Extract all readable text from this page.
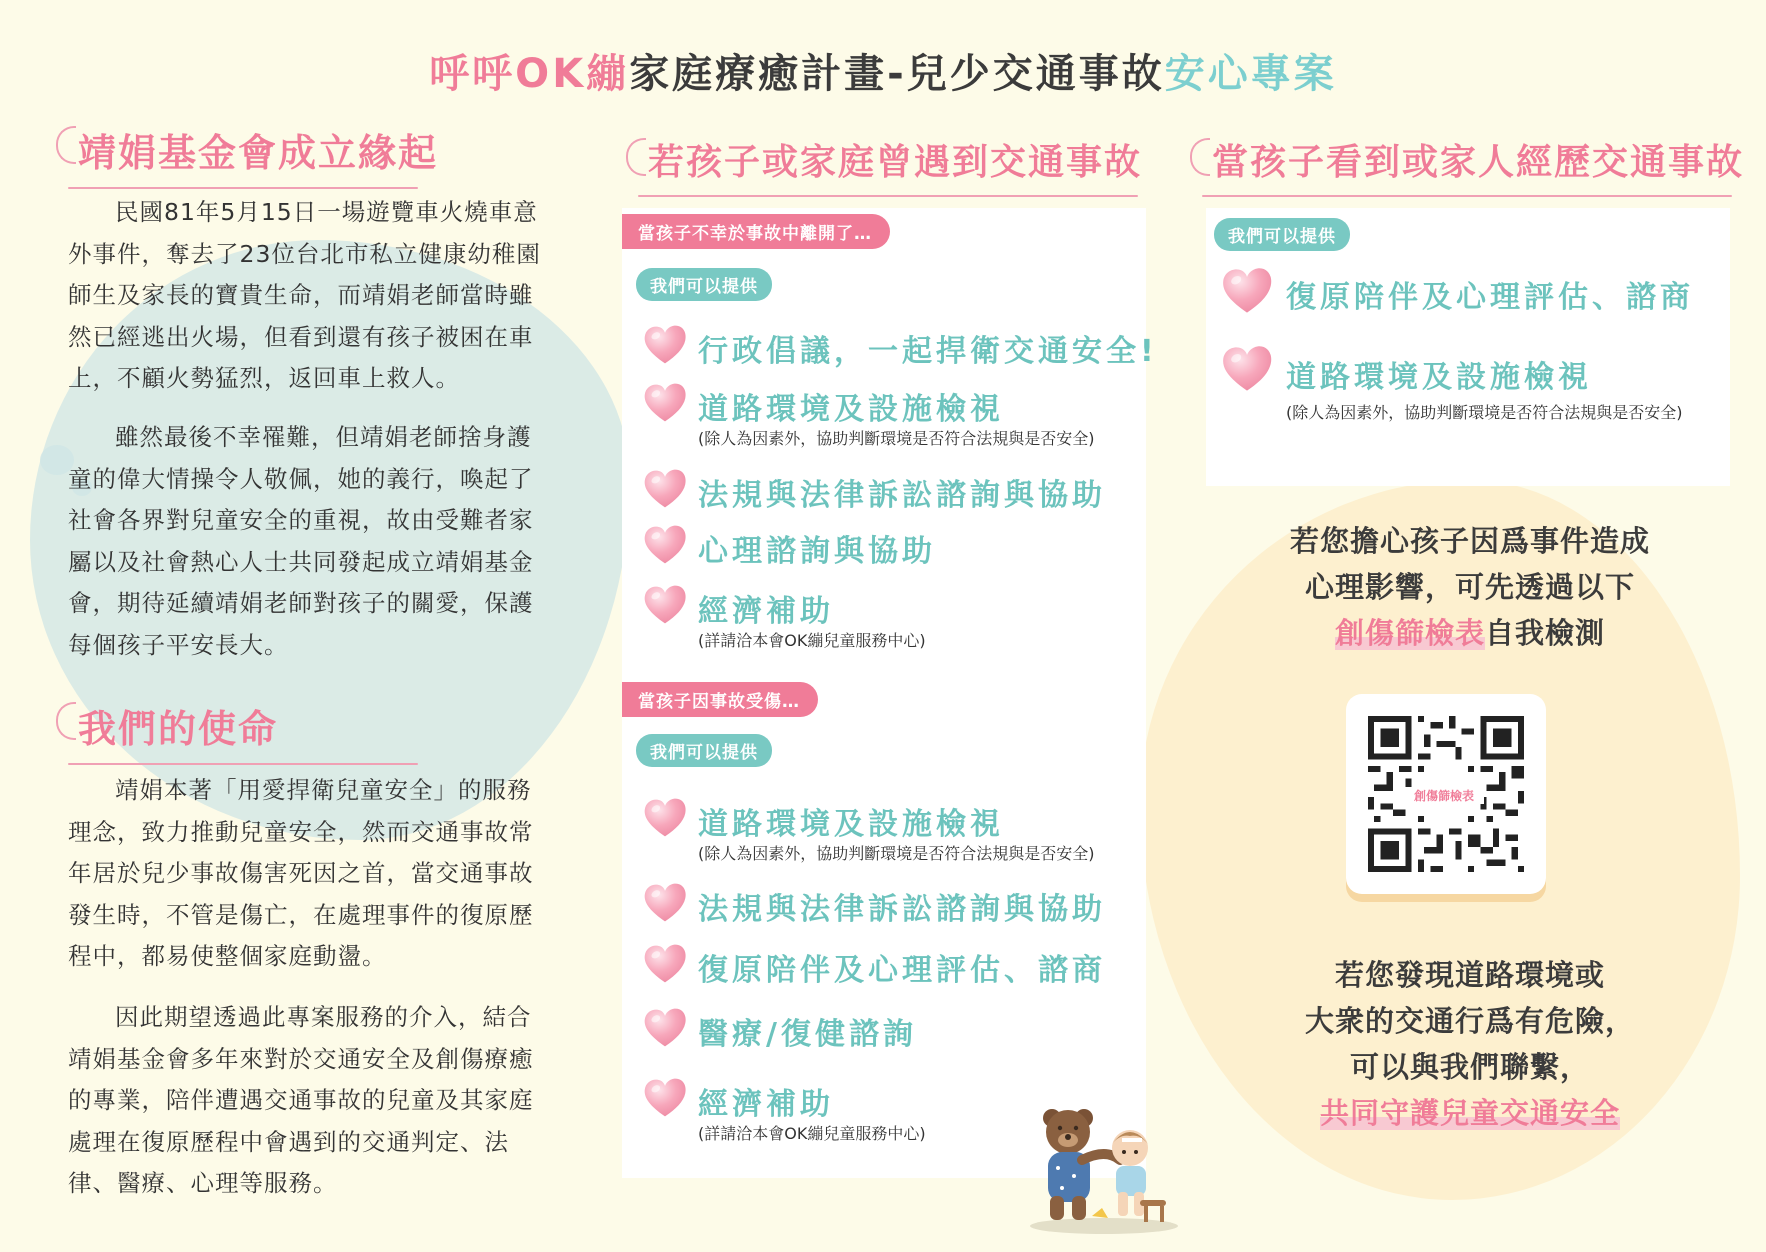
呼呼OK繃家庭療癒計畫-兒少交通事故安心專案
靖娟基金會成立緣起

民國81年5月15日一場遊覽車火燒車意外事件，奪去了23位台北市私立健康幼稚園師生及家長的寶貴生命，而靖娟老師當時雖然已經逃出火場，但看到還有孩子被困在車上，不顧火勢猛烈，返回車上救人。

雖然最後不幸罹難，但靖娟老師捨身護童的偉大情操令人敬佩，她的義行，喚起了社會各界對兒童安全的重視，故由受難者家屬以及社會熱心人士共同發起成立靖娟基金會，期待延續靖娟老師對孩子的關愛，保護每個孩子平安長大。

我們的使命

靖娟本著「用愛捍衛兒童安全」的服務理念，致力推動兒童安全，然而交通事故常年居於兒少事故傷害死因之首，當交通事故發生時，不管是傷亡，在處理事件的復原歷程中，都易使整個家庭動盪。

因此期望透過此專案服務的介入，結合靖娟基金會多年來對於交通安全及創傷療癒的專業，陪伴遭遇交通事故的兒童及其家庭處理在復原歷程中會遇到的交通判定、法律、醫療、心理等服務。

若孩子或家庭曾遇到交通事故
當孩子不幸於事故中離開了…
我們可以提供
行政倡議，一起捍衛交通安全!
道路環境及設施檢視
(除人為因素外，協助判斷環境是否符合法規與是否安全)
法規與法律訴訟諮詢與協助
心理諮詢與協助
經濟補助
(詳請洽本會OK繃兒童服務中心)
當孩子因事故受傷…
我們可以提供
道路環境及設施檢視
(除人為因素外，協助判斷環境是否符合法規與是否安全)
法規與法律訴訟諮詢與協助
復原陪伴及心理評估、諮商
醫療/復健諮詢
經濟補助
(詳請洽本會OK繃兒童服務中心)
當孩子看到或家人經歷交通事故
我們可以提供
復原陪伴及心理評估、諮商
道路環境及設施檢視
(除人為因素外，協助判斷環境是否符合法規與是否安全)
若您擔心孩子因爲事件造成
心理影響，可先透過以下
創傷篩檢表自我檢測
創傷篩檢表
若您發現道路環境或
大衆的交通行爲有危險，
可以與我們聯繫，
共同守護兒童交通安全
